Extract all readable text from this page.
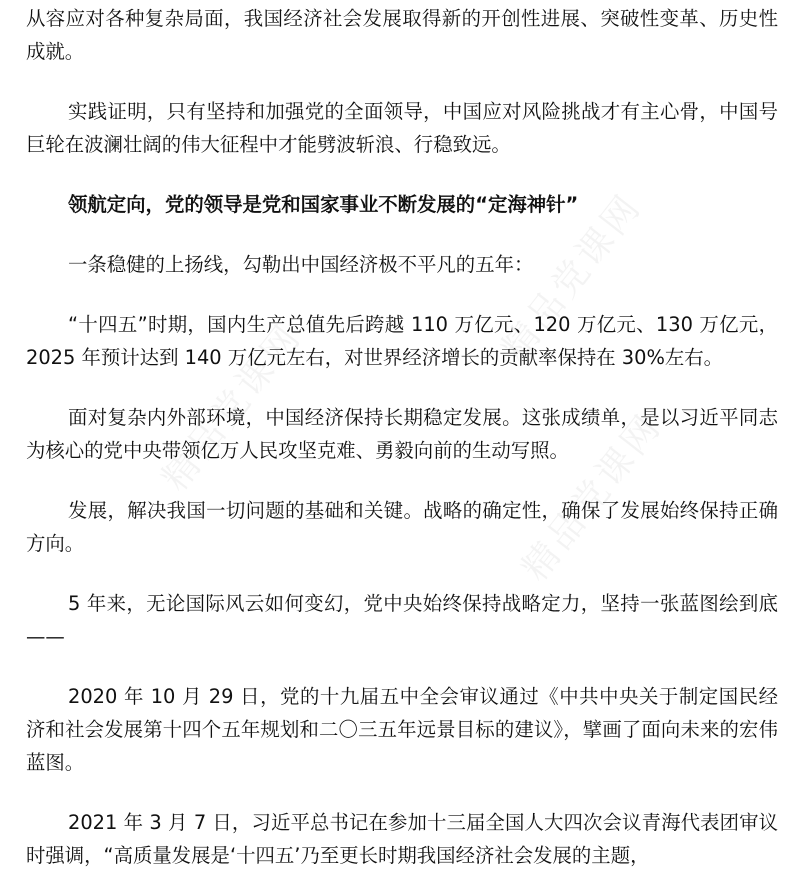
精品党课网
精品党课网
精品党课网

从容应对各种复杂局面，我国经济社会发展取得新的开创性进展、突破性变革、历史性成就。

实践证明，只有坚持和加强党的全面领导，中国应对风险挑战才有主心骨，中国号巨轮在波澜壮阔的伟大征程中才能劈波斩浪、行稳致远。

领航定向，党的领导是党和国家事业不断发展的“定海神针”

一条稳健的上扬线，勾勒出中国经济极不平凡的五年：

“十四五”时期，国内生产总值先后跨越 110 万亿元、120 万亿元、130 万亿元，2025 年预计达到 140 万亿元左右，对世界经济增长的贡献率保持在 30%左右。

面对复杂内外部环境，中国经济保持长期稳定发展。这张成绩单，是以习近平同志为核心的党中央带领亿万人民攻坚克难、勇毅向前的生动写照。

发展，解决我国一切问题的基础和关键。战略的确定性，确保了发展始终保持正确方向。

5 年来，无论国际风云如何变幻，党中央始终保持战略定力，坚持一张蓝图绘到底——

2020 年 10 月 29 日，党的十九届五中全会审议通过《中共中央关于制定国民经济和社会发展第十四个五年规划和二〇三五年远景目标的建议》，擘画了面向未来的宏伟蓝图。

2021 年 3 月 7 日，习近平总书记在参加十三届全国人大四次会议青海代表团审议时强调，“高质量发展是‘十四五’乃至更长时期我国经济社会发展的主题，
